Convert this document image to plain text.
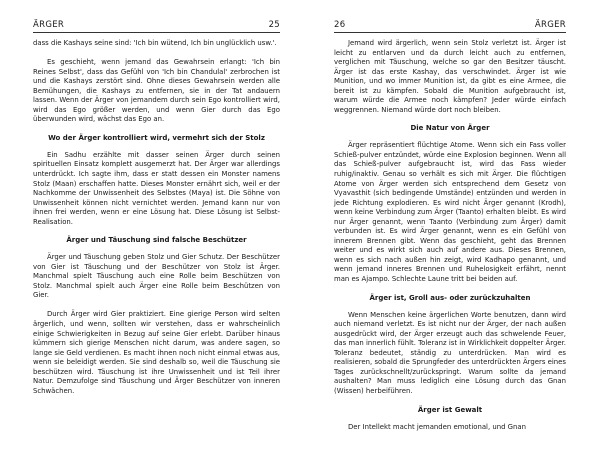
ÄRGER	25

dass die Kashays seine sind: 'Ich bin wütend, Ich bin unglücklich usw.'.

Es geschieht, wenn jemand das Gewahrsein erlangt: 'Ich bin Reines Selbst', dass das Gefühl von 'Ich bin Chandulal' zerbrochen ist und die Kashays zerstört sind. Ohne dieses Gewahrsein werden alle Bemühungen, die Kashays zu entfernen, sie in der Tat andauern lassen. Wenn der Ärger von jemandem durch sein Ego kontrolliert wird, wird das Ego größer werden, und wenn Gier durch das Ego überwunden wird, wächst das Ego an.

Wo der Ärger kontrolliert wird, vermehrt sich der Stolz

Ein Sadhu erzählte mit dasser seinen Ärger durch seinen spirituellen Einsatz komplett ausgemerzt hat. Der Ärger war allerdings unterdrückt. Ich sagte ihm, dass er statt dessen ein Monster namens Stolz (Maan) erschaffen hatte. Dieses Monster ernährt sich, weil er der Nachkomme der Unwissenheit des Selbstes (Maya) ist. Die Söhne von Unwissenheit können nicht vernichtet werden. Jemand kann nur von ihnen frei werden, wenn er eine Lösung hat. Diese Lösung ist Selbst-Realisation.

Ärger und Täuschung sind falsche Beschützer

Ärger und Täuschung geben Stolz und Gier Schutz. Der Beschützer von Gier ist Täuschung und der Beschützer von Stolz ist Ärger. Manchmal spielt Täuschung auch eine Rolle beim Beschützen von Stolz. Manchmal spielt auch Ärger eine Rolle beim Beschützen von Gier.

Durch Ärger wird Gier praktiziert. Eine gierige Person wird selten ärgerlich, und wenn, sollten wir verstehen, dass er wahrscheinlich einige Schwierigkeiten in Bezug auf seine Gier erlebt. Darüber hinaus kümmern sich gierige Menschen nicht darum, was andere sagen, so lange sie Geld verdienen. Es macht ihnen noch nicht einmal etwas aus, wenn sie beleidigt werden. Sie sind deshalb so, weil die Täuschung sie beschützen wird. Täuschung ist ihre Unwissenheit und ist Teil ihrer Natur. Demzufolge sind Täuschung und Ärger Beschützer von inneren Schwächen.

26	ÄRGER

Jemand wird ärgerlich, wenn sein Stolz verletzt ist. Ärger ist leicht zu entlarven und da durch leicht auch zu entfernen, verglichen mit Täuschung, welche so gar den Besitzer täuscht. Ärger ist das erste Kashay, das verschwindet. Ärger ist wie Munition, und wo immer Munition ist, da gibt es eine Armee, die bereit ist zu kämpfen. Sobald die Munition aufgebraucht ist, warum würde die Armee noch kämpfen? Jeder würde einfach weggrennen. Niemand würde dort noch bleiben.

Die Natur von Ärger

Ärger repräsentiert flüchtige Atome. Wenn sich ein Fass voller Schieß-pulver entzündet, würde eine Explosion beginnen. Wenn all das Schieß-pulver aufgebraucht ist, wird das Fass wieder ruhig/inaktiv. Genau so verhält es sich mit Ärger. Die flüchtigen Atome von Ärger werden sich entsprechend dem Gesetz von Vyavasthit (sich bedingende Umstände) entzünden und werden in jede Richtung explodieren. Es wird nicht Ärger genannt (Krodh), wenn keine Verbindung zum Ärger (Taanto) erhalten bleibt. Es wird nur Ärger genannt, wenn Taanto (Verbindung zum Ärger) damit verbunden ist. Es wird Ärger genannt, wenn es ein Gefühl von innerem Brennen gibt. Wenn das geschieht, geht das Brennen weiter und es wirkt sich auch auf andere aus. Dieses Brennen, wenn es sich nach außen hin zeigt, wird Kadhapo genannt, und wenn jemand inneres Brennen und Ruhelosigkeit erfährt, nennt man es Ajampo. Schlechte Laune tritt bei beiden auf.

Ärger ist, Groll aus- oder zurückzuhalten

Wenn Menschen keine ärgerlichen Worte benutzen, dann wird auch niemand verletzt. Es ist nicht nur der Ärger, der nach außen ausgedrückt wird, der Ärger erzeugt auch das schwelende Feuer, das man innerlich fühlt. Toleranz ist in Wirklichkeit doppelter Ärger. Toleranz bedeutet, ständig zu unterdrücken. Man wird es realisieren, sobald die Sprungfeder des unterdrückten Ärgers eines Tages zurückschnellt/zurückspringt. Warum sollte da jemand aushalten? Man muss lediglich eine Lösung durch das Gnan (Wissen) herbeiführen.

Ärger ist Gewalt

Der Intellekt macht jemanden emotional, und Gnan
